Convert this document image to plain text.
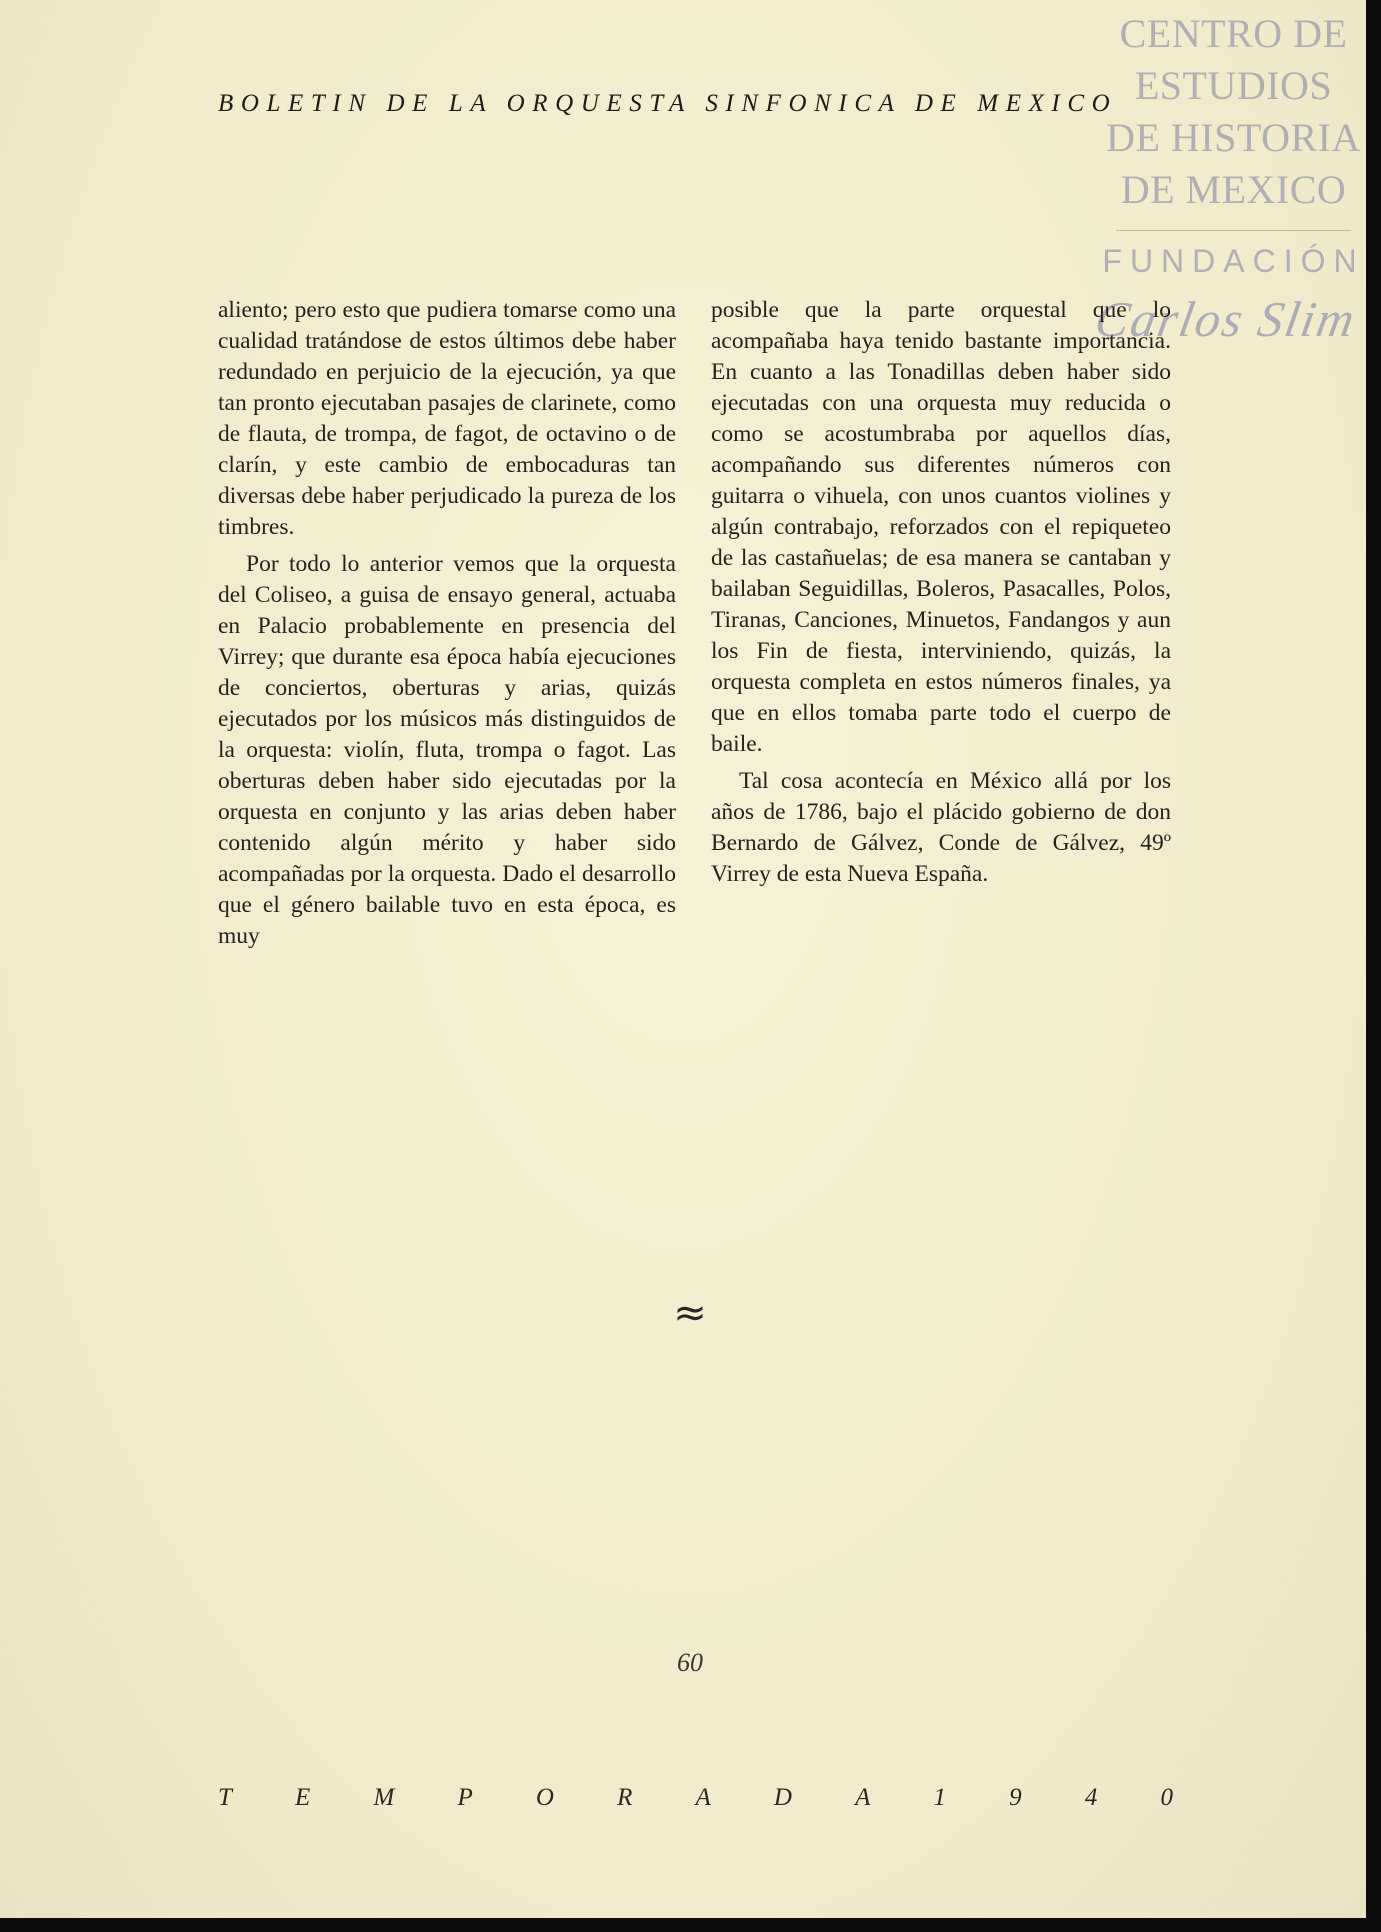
BOLETIN DE LA ORQUESTA SINFONICA DE MEXICO
CENTRO DE
ESTUDIOS
DE HISTORIA
DE MEXICO
FUNDACIÓN
Carlos Slim

aliento; pero esto que pudiera tomarse como una cualidad tratándose de estos últimos debe haber redundado en perjuicio de la ejecución, ya que tan pronto ejecutaban pasajes de clarinete, como de flauta, de trompa, de fagot, de octavino o de clarín, y este cambio de embocaduras tan diversas debe haber perjudicado la pureza de los timbres.

Por todo lo anterior vemos que la orquesta del Coliseo, a guisa de ensayo general, actuaba en Palacio probablemente en presencia del Virrey; que durante esa época había ejecuciones de conciertos, oberturas y arias, quizás ejecutados por los músicos más distinguidos de la orquesta: violín, fluta, trompa o fagot. Las oberturas deben haber sido ejecutadas por la orquesta en conjunto y las arias deben haber contenido algún mérito y haber sido acompañadas por la orquesta. Dado el desarrollo que el género bailable tuvo en esta época, es muy

posible que la parte orquestal que lo acompañaba haya tenido bastante importancia. En cuanto a las Tonadillas deben haber sido ejecutadas con una orquesta muy reducida o como se acostumbraba por aquellos días, acompañando sus diferentes números con guitarra o vihuela, con unos cuantos violines y algún contrabajo, reforzados con el repiqueteo de las castañuelas; de esa manera se cantaban y bailaban Seguidillas, Boleros, Pasacalles, Polos, Tiranas, Canciones, Minuetos, Fandangos y aun los Fin de fiesta, interviniendo, quizás, la orquesta completa en estos números finales, ya que en ellos tomaba parte todo el cuerpo de baile.

Tal cosa acontecía en México allá por los años de 1786, bajo el plácido gobierno de don Bernardo de Gálvez, Conde de Gálvez, 49º Virrey de esta Nueva España.

≈
60
T	E	M	P	O	R	A	D	A	1	9	4	0
